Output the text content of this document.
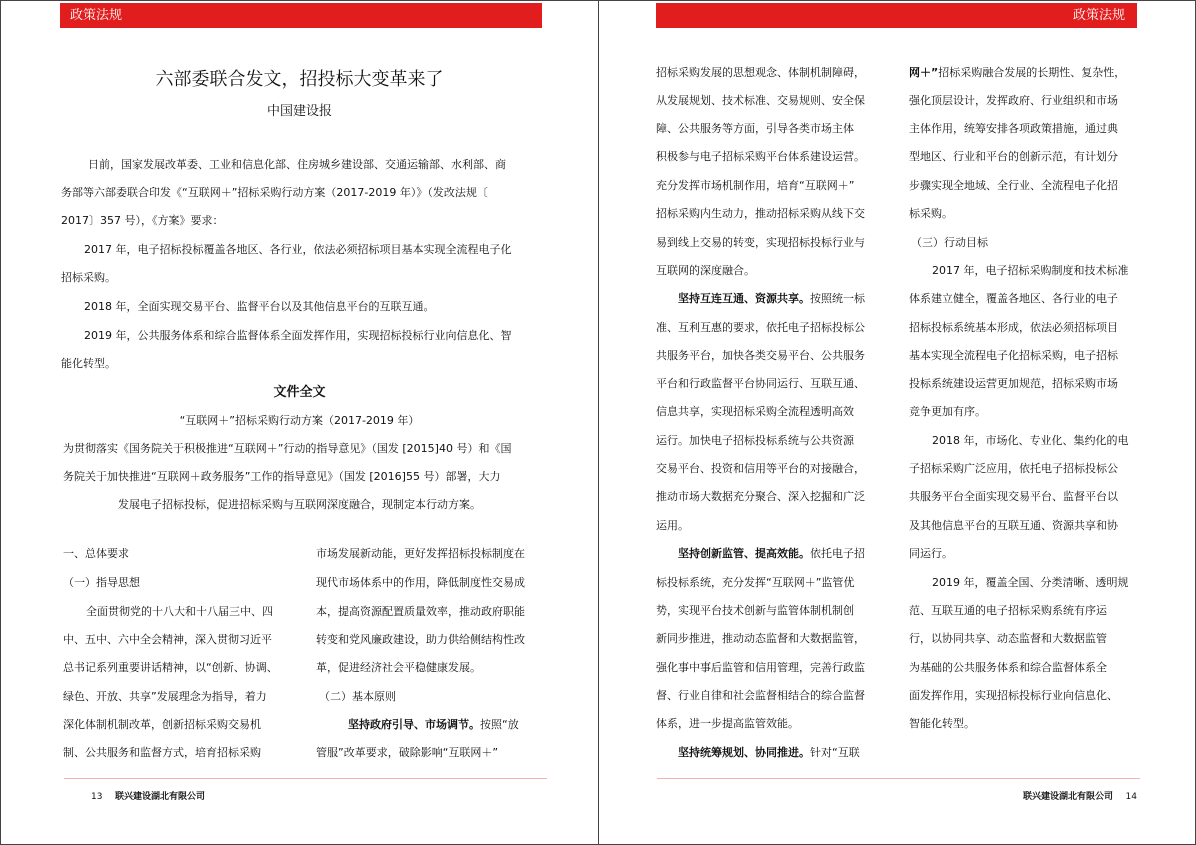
政策法规
六部委联合发文，招投标大变革来了
中国建设报

日前，国家发展改革委、工业和信息化部、住房城乡建设部、交通运输部、水利部、商

务部等六部委联合印发《“互联网＋”招标采购行动方案（2017-2019 年）》（发改法规〔

2017〕357 号），《方案》要求：

2017 年，电子招标投标覆盖各地区、各行业，依法必须招标项目基本实现全流程电子化

招标采购。

2018 年，全面实现交易平台、监督平台以及其他信息平台的互联互通。

2019 年，公共服务体系和综合监督体系全面发挥作用，实现招标投标行业向信息化、智

能化转型。

文件全文

“互联网＋”招标采购行动方案（2017-2019 年）

为贯彻落实《国务院关于积极推进“互联网＋”行动的指导意见》（国发 [2015]40 号）和《国

务院关于加快推进“互联网＋政务服务”工作的指导意见》（国发 [2016]55 号）部署，大力

发展电子招标投标，促进招标采购与互联网深度融合，现制定本行动方案。

一、总体要求

（一）指导思想

全面贯彻党的十八大和十八届三中、四

中、五中、六中全会精神，深入贯彻习近平

总书记系列重要讲话精神，以“创新、协调、

绿色、开放、共享”发展理念为指导，着力

深化体制机制改革，创新招标采购交易机

制、公共服务和监督方式，培育招标采购

市场发展新动能，更好发挥招标投标制度在

现代市场体系中的作用，降低制度性交易成

本，提高资源配置质量效率，推动政府职能

转变和党风廉政建设，助力供给侧结构性改

革，促进经济社会平稳健康发展。

（二）基本原则

坚持政府引导、市场调节。按照“放

管服”改革要求，破除影响“互联网＋”

13 联兴建设湖北有限公司
政策法规

招标采购发展的思想观念、体制机制障碍，

从发展规划、技术标准、交易规则、安全保

障、公共服务等方面，引导各类市场主体

积极参与电子招标采购平台体系建设运营。

充分发挥市场机制作用，培育“互联网＋”

招标采购内生动力，推动招标采购从线下交

易到线上交易的转变，实现招标投标行业与

互联网的深度融合。

坚持互连互通、资源共享。按照统一标

准、互利互惠的要求，依托电子招标投标公

共服务平台，加快各类交易平台、公共服务

平台和行政监督平台协同运行、互联互通、

信息共享，实现招标采购全流程透明高效

运行。加快电子招标投标系统与公共资源

交易平台、投资和信用等平台的对接融合，

推动市场大数据充分聚合、深入挖掘和广泛

运用。

坚持创新监管、提高效能。依托电子招

标投标系统，充分发挥“互联网＋”监管优

势，实现平台技术创新与监管体制机制创

新同步推进，推动动态监督和大数据监管，

强化事中事后监管和信用管理，完善行政监

督、行业自律和社会监督相结合的综合监督

体系，进一步提高监管效能。

坚持统筹规划、协同推进。针对“互联

网＋”招标采购融合发展的长期性、复杂性，

强化顶层设计，发挥政府、行业组织和市场

主体作用，统筹安排各项政策措施，通过典

型地区、行业和平台的创新示范，有计划分

步骤实现全地域、全行业、全流程电子化招

标采购。

（三）行动目标

2017 年，电子招标采购制度和技术标准

体系建立健全，覆盖各地区、各行业的电子

招标投标系统基本形成，依法必须招标项目

基本实现全流程电子化招标采购，电子招标

投标系统建设运营更加规范，招标采购市场

竞争更加有序。

2018 年，市场化、专业化、集约化的电

子招标采购广泛应用，依托电子招标投标公

共服务平台全面实现交易平台、监督平台以

及其他信息平台的互联互通、资源共享和协

同运行。

2019 年，覆盖全国、分类清晰、透明规

范、互联互通的电子招标采购系统有序运

行，以协同共享、动态监督和大数据监管

为基础的公共服务体系和综合监督体系全

面发挥作用，实现招标投标行业向信息化、

智能化转型。

联兴建设湖北有限公司 14
